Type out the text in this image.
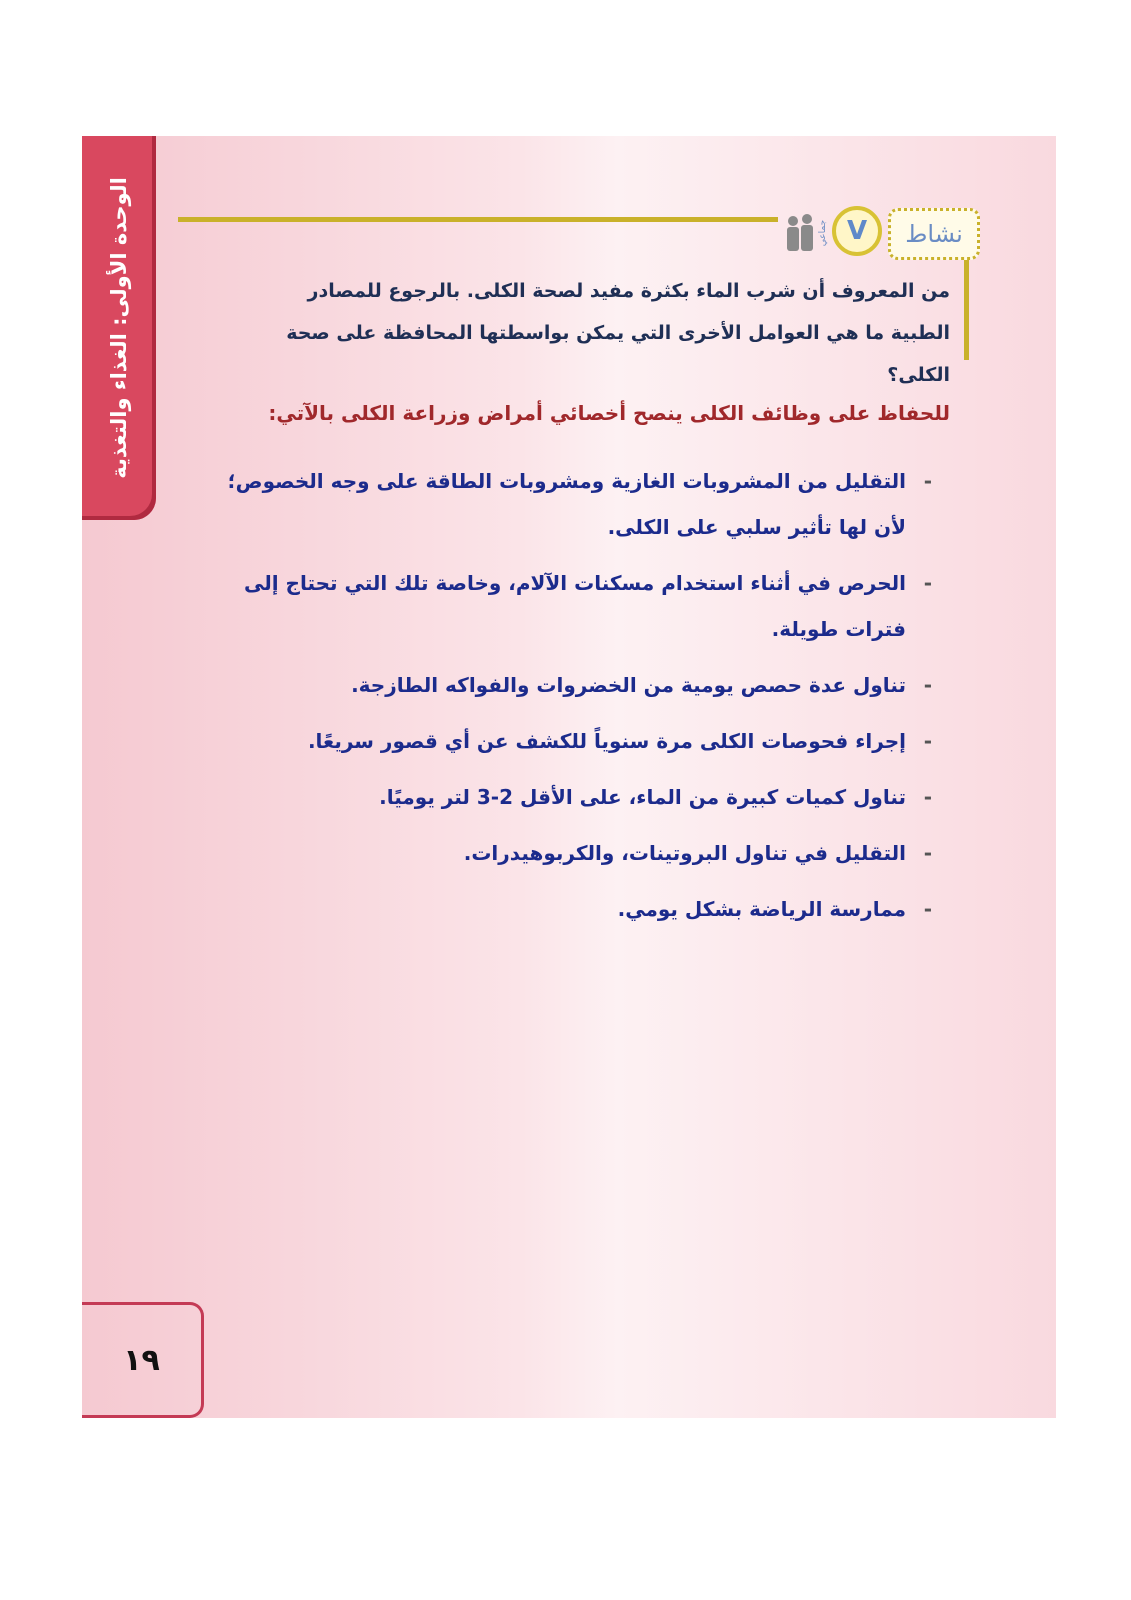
الوحدة الأولى: الغذاء والتغذية	نشاط
V
جماعي
من المعروف أن شرب الماء بكثرة مفيد لصحة الكلى. بالرجوع للمصادر الطبية ما هي العوامل الأخرى التي يمكن بواسطتها المحافظة على صحة الكلى؟
للحفاظ على وظائف الكلى ينصح أخصائي أمراض وزراعة الكلى بالآتي:
-
التقليل من المشروبات الغازية ومشروبات الطاقة على وجه الخصوص؛ لأن لها تأثير سلبي على الكلى.
-
الحرص في أثناء استخدام مسكنات الآلام، وخاصة تلك التي تحتاج إلى فترات طويلة.
-
تناول عدة حصص يومية من الخضروات والفواكه الطازجة.
-
إجراء فحوصات الكلى مرة سنوياً للكشف عن أي قصور سريعًا.
-
تناول كميات كبيرة من الماء، على الأقل 2-3 لتر يوميًا.
-
التقليل في تناول البروتينات، والكربوهيدرات.
-
ممارسة الرياضة بشكل يومي.
١٩
